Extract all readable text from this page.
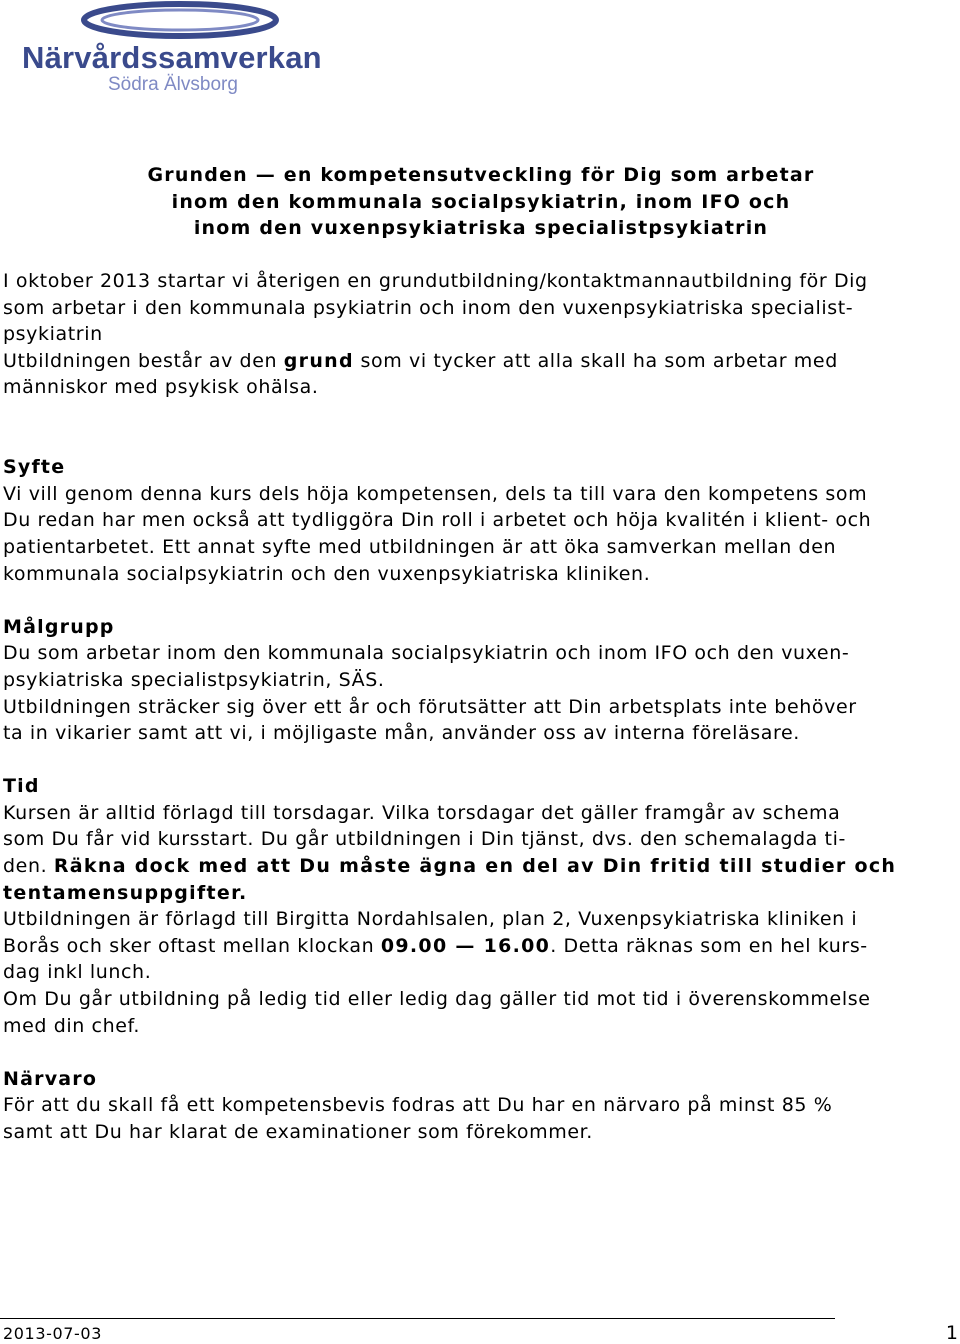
Närvårdssamverkan
Södra Älvsborg
Grunden — en kompetensutveckling för Dig som arbetar
inom den kommunala socialpsykiatrin, inom IFO och
inom den vuxenpsykiatriska specialistpsykiatrin
I oktober 2013 startar vi återigen en grundutbildning/kontaktmannautbildning för Dig
som arbetar i den kommunala psykiatrin och inom den vuxenpsykiatriska specialist-
psykiatrin
Utbildningen består av den grund som vi tycker att alla skall ha som arbetar med
människor med psykisk ohälsa.
Syfte
Vi vill genom denna kurs dels höja kompetensen, dels ta till vara den kompetens som
Du redan har men också att tydliggöra Din roll i arbetet och höja kvalitén i klient- och
patientarbetet. Ett annat syfte med utbildningen är att öka samverkan mellan den
kommunala socialpsykiatrin och den vuxenpsykiatriska kliniken.
Målgrupp
Du som arbetar inom den kommunala socialpsykiatrin och inom IFO och den vuxen-
psykiatriska specialistpsykiatrin, SÄS.
Utbildningen sträcker sig över ett år och förutsätter att Din arbetsplats inte behöver
ta in vikarier samt att vi, i möjligaste mån, använder oss av interna föreläsare.
Tid
Kursen är alltid förlagd till torsdagar. Vilka torsdagar det gäller framgår av schema
som Du får vid kursstart. Du går utbildningen i Din tjänst, dvs. den schemalagda ti-
den. Räkna dock med att Du måste ägna en del av Din fritid till studier och
tentamensuppgifter.
Utbildningen är förlagd till Birgitta Nordahlsalen, plan 2, Vuxenpsykiatriska kliniken i
Borås och sker oftast mellan klockan 09.00 — 16.00. Detta räknas som en hel kurs-
dag inkl lunch.
Om Du går utbildning på ledig tid eller ledig dag gäller tid mot tid i överenskommelse
med din chef.
Närvaro
För att du skall få ett kompetensbevis fodras att Du har en närvaro på minst 85 %
samt att Du har klarat de examinationer som förekommer.
2013-07-03	1
